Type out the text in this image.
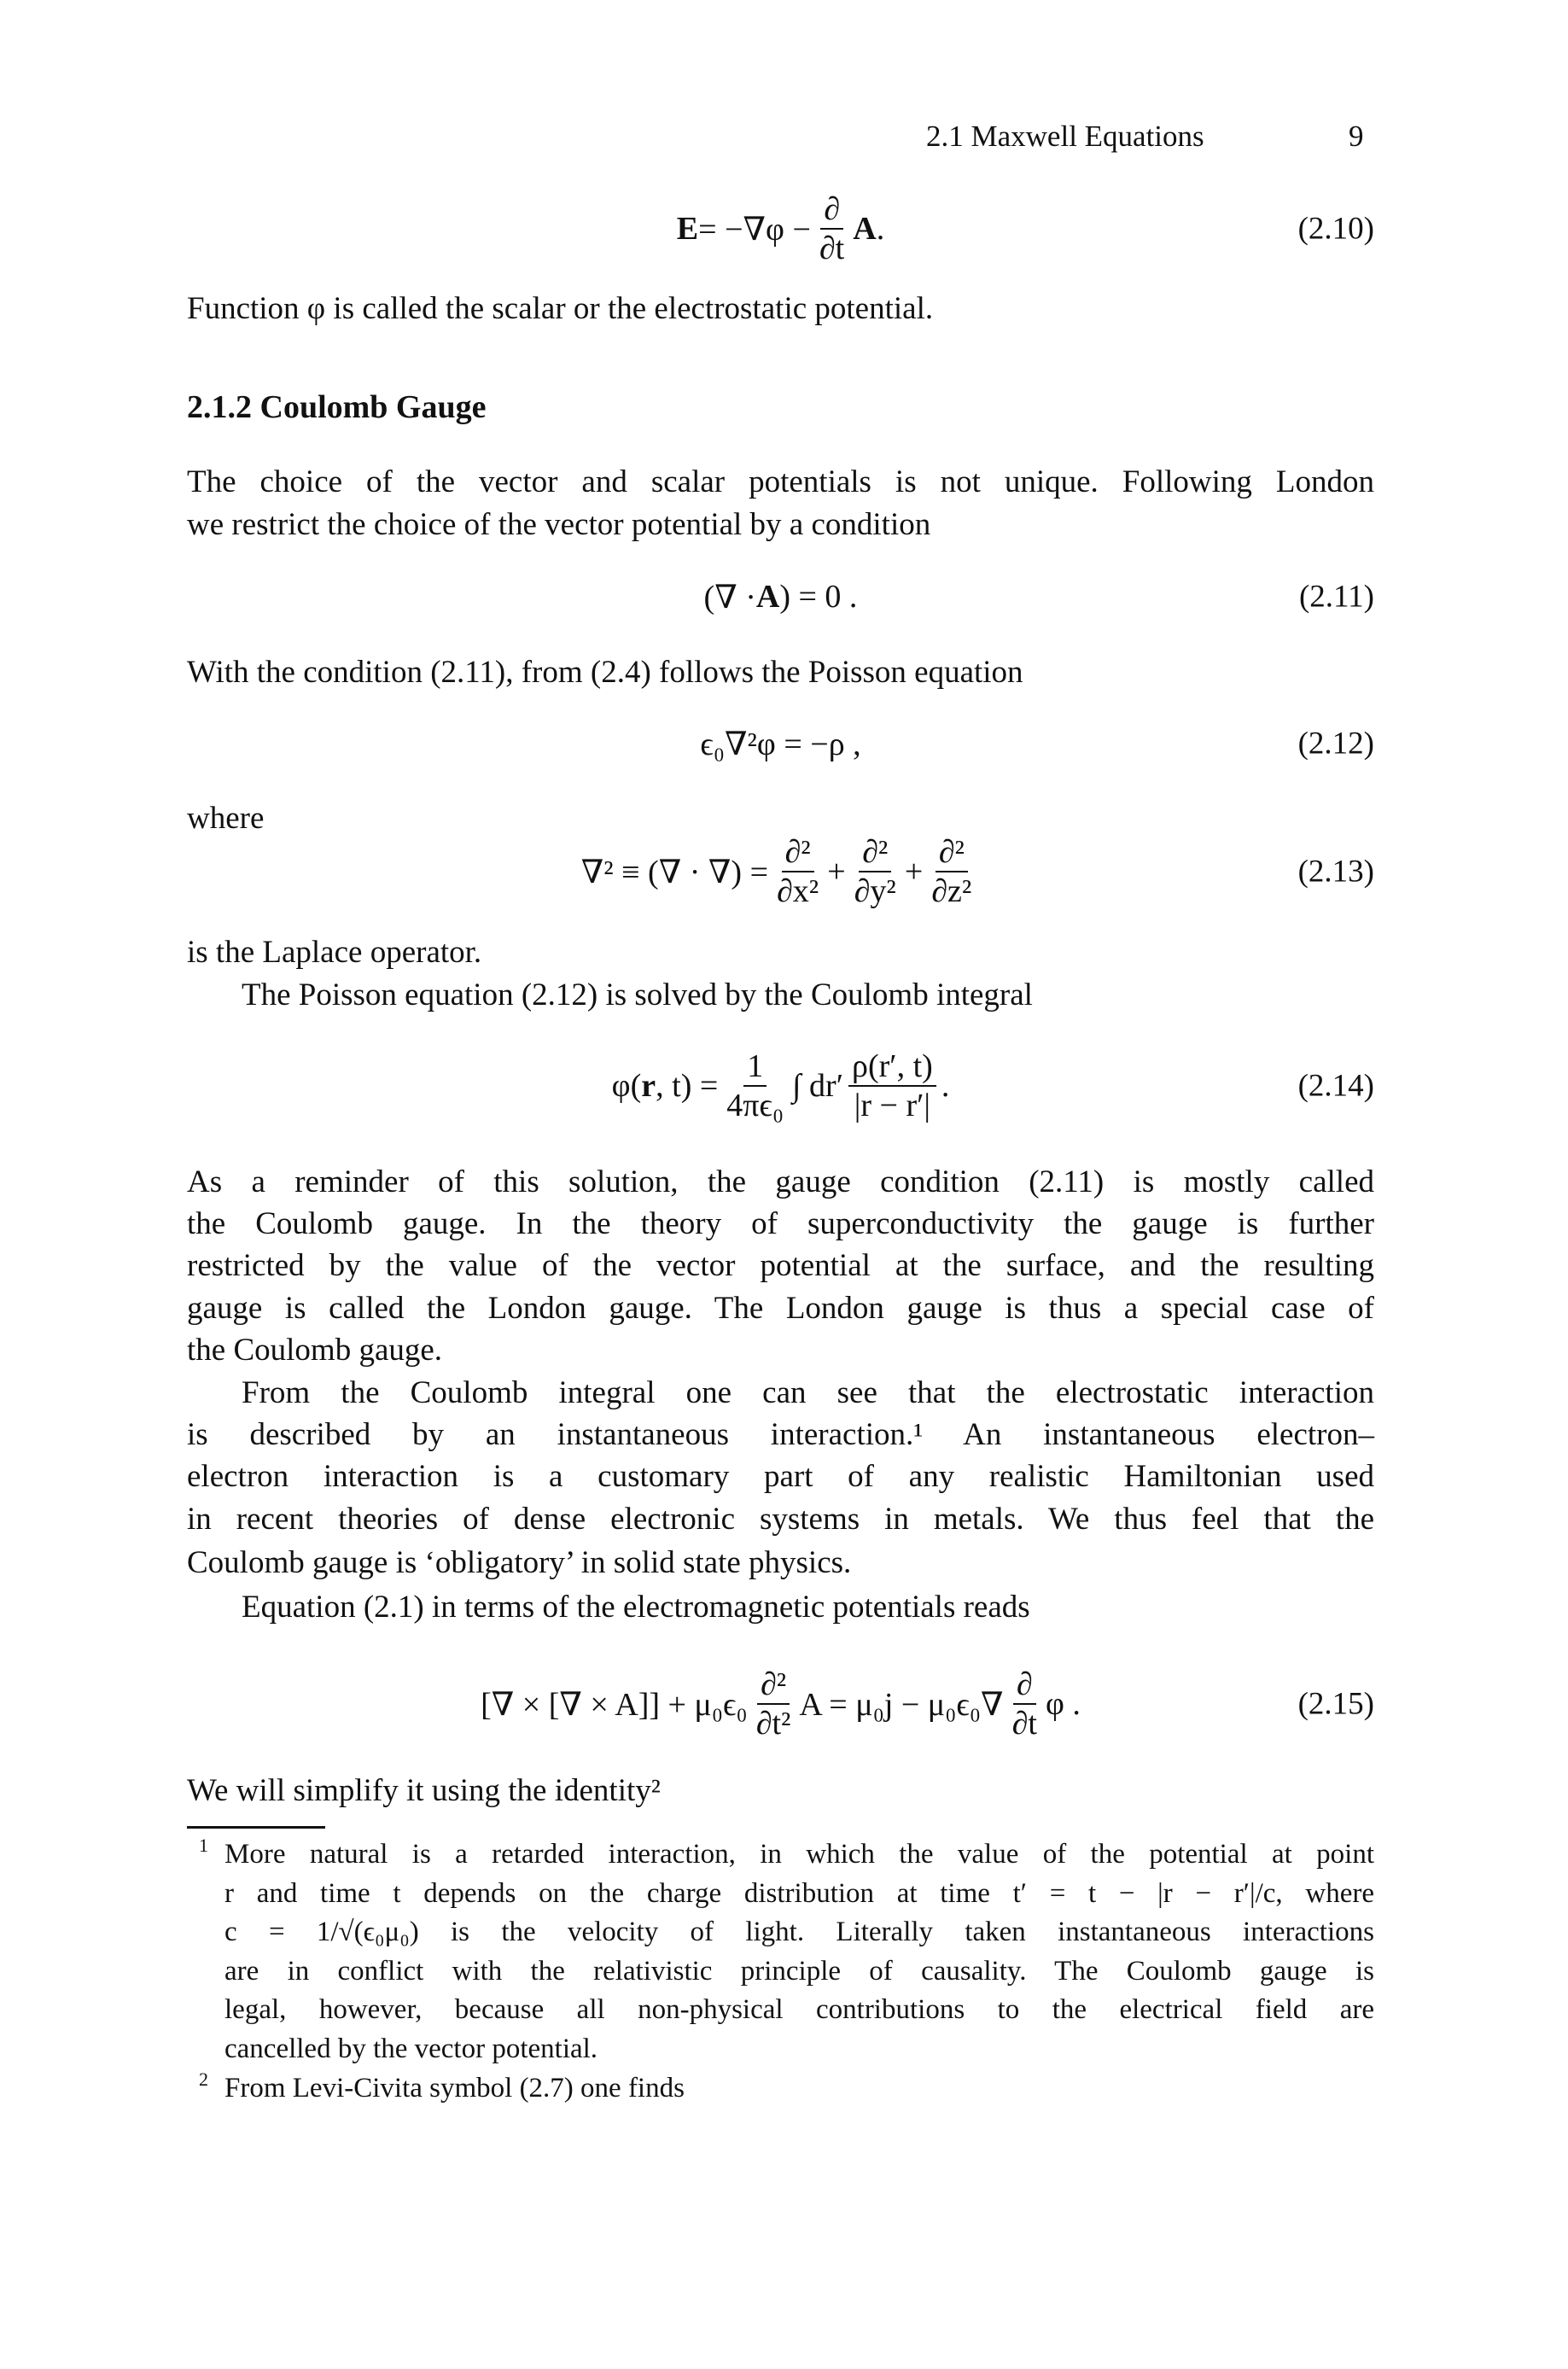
2.1 Maxwell Equations	9
E = −∇φ −
∂
∂t
A .	(2.10)
Function φ is called the scalar or the electrostatic potential.
2.1.2 Coulomb Gauge
The choice of the vector and scalar potentials is not unique. Following London
we restrict the choice of the vector potential by a condition
(∇ · A ) = 0 .	(2.11)
With the condition (2.11), from (2.4) follows the Poisson equation
ϵ₀∇²φ = −ρ ,	(2.12)
where
∇² ≡ (∇ · ∇) =
∂²
∂x²
+
∂²
∂y²
+
∂²
∂z²
(2.13)
is the Laplace operator.
The Poisson equation (2.12) is solved by the Coulomb integral
φ( r , $t) = \frac{1}{\text{4πϵ₀}}$ ∫ dr′
ρ(r′, t)
|r − r′|
.	(2.14)
As a reminder of this solution, the gauge condition (2.11) is mostly called
the Coulomb gauge. In the theory of superconductivity the gauge is further
restricted by the value of the vector potential at the surface, and the resulting
gauge is called the London gauge. The London gauge is thus a special case of
the Coulomb gauge.
From the Coulomb integral one can see that the electrostatic interaction
is described by an instantaneous interaction.¹ An instantaneous electron–
electron interaction is a customary part of any realistic Hamiltonian used
in recent theories of dense electronic systems in metals. We thus feel that the
Coulomb gauge is ‘obligatory’ in solid state physics.
Equation (2.1) in terms of the electromagnetic potentials reads
[∇ × [∇ × A]] + μ₀ϵ₀
∂²
∂t²
A = μ₀j − μ₀ϵ₀∇
∂
∂t
φ .	(2.15)
We will simplify it using the identity²
1 More natural is a retarded interaction, in which the value of the potential at point
r and time t depends on the charge distribution at time t′ = t − |r − r′|/c, where
c = 1/√(ϵ₀μ₀) is the velocity of light. Literally taken instantaneous interactions
are in conflict with the relativistic principle of causality. The Coulomb gauge is
legal, however, because all non-physical contributions to the electrical field are
cancelled by the vector potential.
2 From Levi-Civita symbol (2.7) one finds
